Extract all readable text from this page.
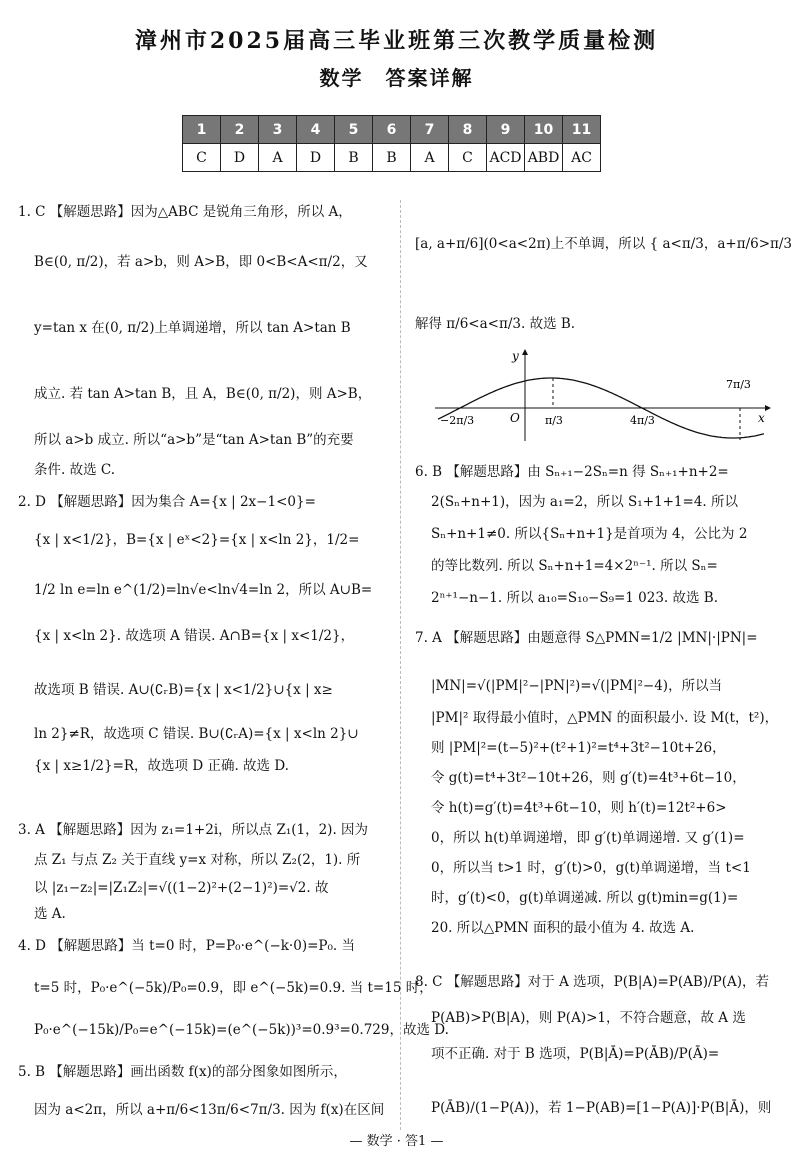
漳州市2025届高三毕业班第三次教学质量检测
数学 答案详解
1	2	3	4	5	6	7	8	9	10	11
C	D	A	D	B	B	A	C	ACD	ABD	AC
1. C 【解题思路】因为△ABC 是锐角三角形，所以 A，
B∈(0, π/2)，若 a>b，则 A>B，即 0<B<A<π/2，又
y=tan x 在(0, π/2)上单调递增，所以 tan A>tan B
成立. 若 tan A>tan B，且 A，B∈(0, π/2)，则 A>B，
所以 a>b 成立. 所以“a>b”是“tan A>tan B”的充要
条件. 故选 C.
2. D 【解题思路】因为集合 A={x | 2x−1<0}=
{x | x<1/2}，B={x | eˣ<2}={x | x<ln 2}，1/2=
1/2 ln e=ln e^(1/2)=ln√e<ln√4=ln 2，所以 A∪B=
{x | x<ln 2}. 故选项 A 错误. A∩B={x | x<1/2}，
故选项 B 错误. A∪(∁ᵣB)={x | x<1/2}∪{x | x≥
ln 2}≠R，故选项 C 错误. B∪(∁ᵣA)={x | x<ln 2}∪
{x | x≥1/2}=R，故选项 D 正确. 故选 D.
3. A 【解题思路】因为 z₁=1+2i，所以点 Z₁(1，2). 因为
点 Z₁ 与点 Z₂ 关于直线 y=x 对称，所以 Z₂(2，1). 所
以 |z₁−z₂|=|Z₁Z₂|=√((1−2)²+(2−1)²)=√2. 故
选 A.
4. D 【解题思路】当 t=0 时，P=P₀·e^(−k·0)=P₀. 当
t=5 时，P₀·e^(−5k)/P₀=0.9，即 e^(−5k)=0.9. 当 t=15 时，
P₀·e^(−15k)/P₀=e^(−15k)=(e^(−5k))³=0.9³=0.729，故选 D.
5. B 【解题思路】画出函数 f(x)的部分图象如图所示，
因为 a<2π，所以 a+π/6<13π/6<7π/3. 因为 f(x)在区间
[a, a+π/6](0<a<2π)上不单调，所以 { a<π/3，a+π/6>π/3
解得 π/6<a<π/3. 故选 B.
6. B 【解题思路】由 Sₙ₊₁−2Sₙ=n 得 Sₙ₊₁+n+2=
2(Sₙ+n+1)，因为 a₁=2，所以 S₁+1+1=4. 所以
Sₙ+n+1≠0. 所以{Sₙ+n+1}是首项为 4，公比为 2
的等比数列. 所以 Sₙ+n+1=4×2ⁿ⁻¹. 所以 Sₙ=
2ⁿ⁺¹−n−1. 所以 a₁₀=S₁₀−S₉=1 023. 故选 B.
7. A 【解题思路】由题意得 S△PMN=1/2 |MN|·|PN|=
|MN|=√(|PM|²−|PN|²)=√(|PM|²−4)，所以当
|PM|² 取得最小值时，△PMN 的面积最小. 设 M(t，t²)，
则 |PM|²=(t−5)²+(t²+1)²=t⁴+3t²−10t+26，
令 g(t)=t⁴+3t²−10t+26，则 g′(t)=4t³+6t−10，
令 h(t)=g′(t)=4t³+6t−10，则 h′(t)=12t²+6>
0，所以 h(t)单调递增，即 g′(t)单调递增. 又 g′(1)=
0，所以当 t>1 时，g′(t)>0，g(t)单调递增，当 t<1
时，g′(t)<0，g(t)单调递减. 所以 g(t)min=g(1)=
20. 所以△PMN 面积的最小值为 4. 故选 A.
8. C 【解题思路】对于 A 选项，P(B|A)=P(AB)/P(A)，若
P(AB)>P(B|A)，则 P(A)>1，不符合题意，故 A 选
项不正确. 对于 B 选项，P(B|Ā)=P(ĀB)/P(Ā)=
P(ĀB)/(1−P(A))，若 1−P(AB)=[1−P(A)]·P(B|Ā)，则
y
x
O
−2π/3	π/3	4π/3
7π/3
— 数学 · 答1 —
